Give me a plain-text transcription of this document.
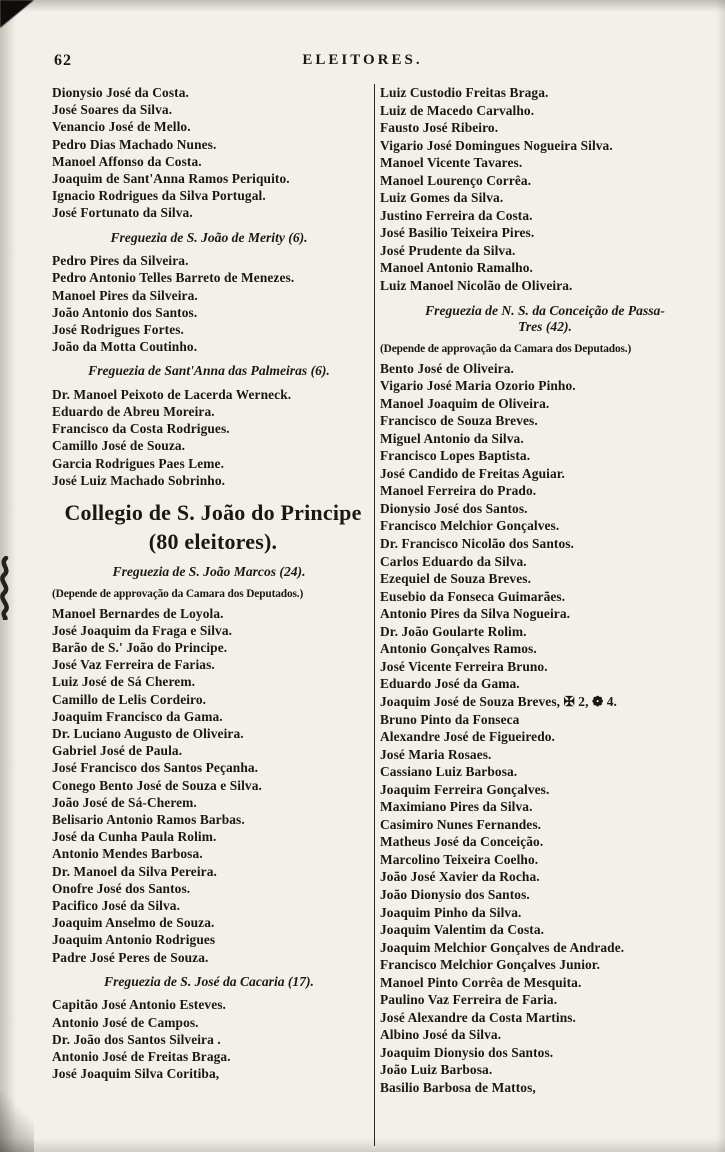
62	ELEITORES.
Dionysio José da Costa.
José Soares da Silva.
Venancio José de Mello.
Pedro Dias Machado Nunes.
Manoel Affonso da Costa.
Joaquim de Sant'Anna Ramos Periquito.
Ignacio Rodrigues da Silva Portugal.
José Fortunato da Silva.
Freguezia de S. João de Merity (6).
Pedro Pires da Silveira.
Pedro Antonio Telles Barreto de Menezes.
Manoel Pires da Silveira.
João Antonio dos Santos.
José Rodrigues Fortes.
João da Motta Coutinho.
Freguezia de Sant'Anna das Palmeiras (6).
Dr. Manoel Peixoto de Lacerda Werneck.
Eduardo de Abreu Moreira.
Francisco da Costa Rodrigues.
Camillo José de Souza.
Garcia Rodrigues Paes Leme.
José Luiz Machado Sobrinho.
Collegio de S. João do Principe
(80 eleitores).
Freguezia de S. João Marcos (24).
(Depende de approvação da Camara dos Deputados.)
Manoel Bernardes de Loyola.
José Joaquim da Fraga e Silva.
Barão de S.' João do Principe.
José Vaz Ferreira de Farias.
Luiz José de Sá Cherem.
Camillo de Lelis Cordeiro.
Joaquim Francisco da Gama.
Dr. Luciano Augusto de Oliveira.
Gabriel José de Paula.
José Francisco dos Santos Peçanha.
Conego Bento José de Souza e Silva.
João José de Sá-Cherem.
Belisario Antonio Ramos Barbas.
José da Cunha Paula Rolim.
Antonio Mendes Barbosa.
Dr. Manoel da Silva Pereira.
Onofre José dos Santos.
Pacifico José da Silva.
Joaquim Anselmo de Souza.
Joaquim Antonio Rodrigues
Padre José Peres de Souza.
Freguezia de S. José da Cacaria (17).
Capitão José Antonio Esteves.
Antonio José de Campos.
Dr. João dos Santos Silveira .
Antonio José de Freitas Braga.
José Joaquim Silva Coritiba,
Luiz Custodio Freitas Braga.
Luiz de Macedo Carvalho.
Fausto José Ribeiro.
Vigario José Domingues Nogueira Silva.
Manoel Vicente Tavares.
Manoel Lourenço Corrêa.
Luiz Gomes da Silva.
Justino Ferreira da Costa.
José Basilio Teixeira Pires.
José Prudente da Silva.
Manoel Antonio Ramalho.
Luiz Manoel Nicolão de Oliveira.
Freguezia de N. S. da Conceição de Passa-
Tres (42).
(Depende de approvação da Camara dos Deputados.)
Bento José de Oliveira.
Vigario José Maria Ozorio Pinho.
Manoel Joaquim de Oliveira.
Francisco de Souza Breves.
Miguel Antonio da Silva.
Francisco Lopes Baptista.
José Candido de Freitas Aguiar.
Manoel Ferreira do Prado.
Dionysio José dos Santos.
Francisco Melchior Gonçalves.
Dr. Francisco Nicolão dos Santos.
Carlos Eduardo da Silva.
Ezequiel de Souza Breves.
Eusebio da Fonseca Guimarães.
Antonio Pires da Silva Nogueira.
Dr. João Goularte Rolim.
Antonio Gonçalves Ramos.
José Vicente Ferreira Bruno.
Eduardo José da Gama.
Joaquim José de Souza Breves, ✠ 2, ❁ 4.
Bruno Pinto da Fonseca
Alexandre José de Figueiredo.
José Maria Rosaes.
Cassiano Luiz Barbosa.
Joaquim Ferreira Gonçalves.
Maximiano Pires da Silva.
Casimiro Nunes Fernandes.
Matheus José da Conceição.
Marcolino Teixeira Coelho.
João José Xavier da Rocha.
João Dionysio dos Santos.
Joaquim Pinho da Silva.
Joaquim Valentim da Costa.
Joaquim Melchior Gonçalves de Andrade.
Francisco Melchior Gonçalves Junior.
Manoel Pinto Corrêa de Mesquita.
Paulino Vaz Ferreira de Faria.
José Alexandre da Costa Martins.
Albino José da Silva.
Joaquim Dionysio dos Santos.
João Luiz Barbosa.
Basilio Barbosa de Mattos,
